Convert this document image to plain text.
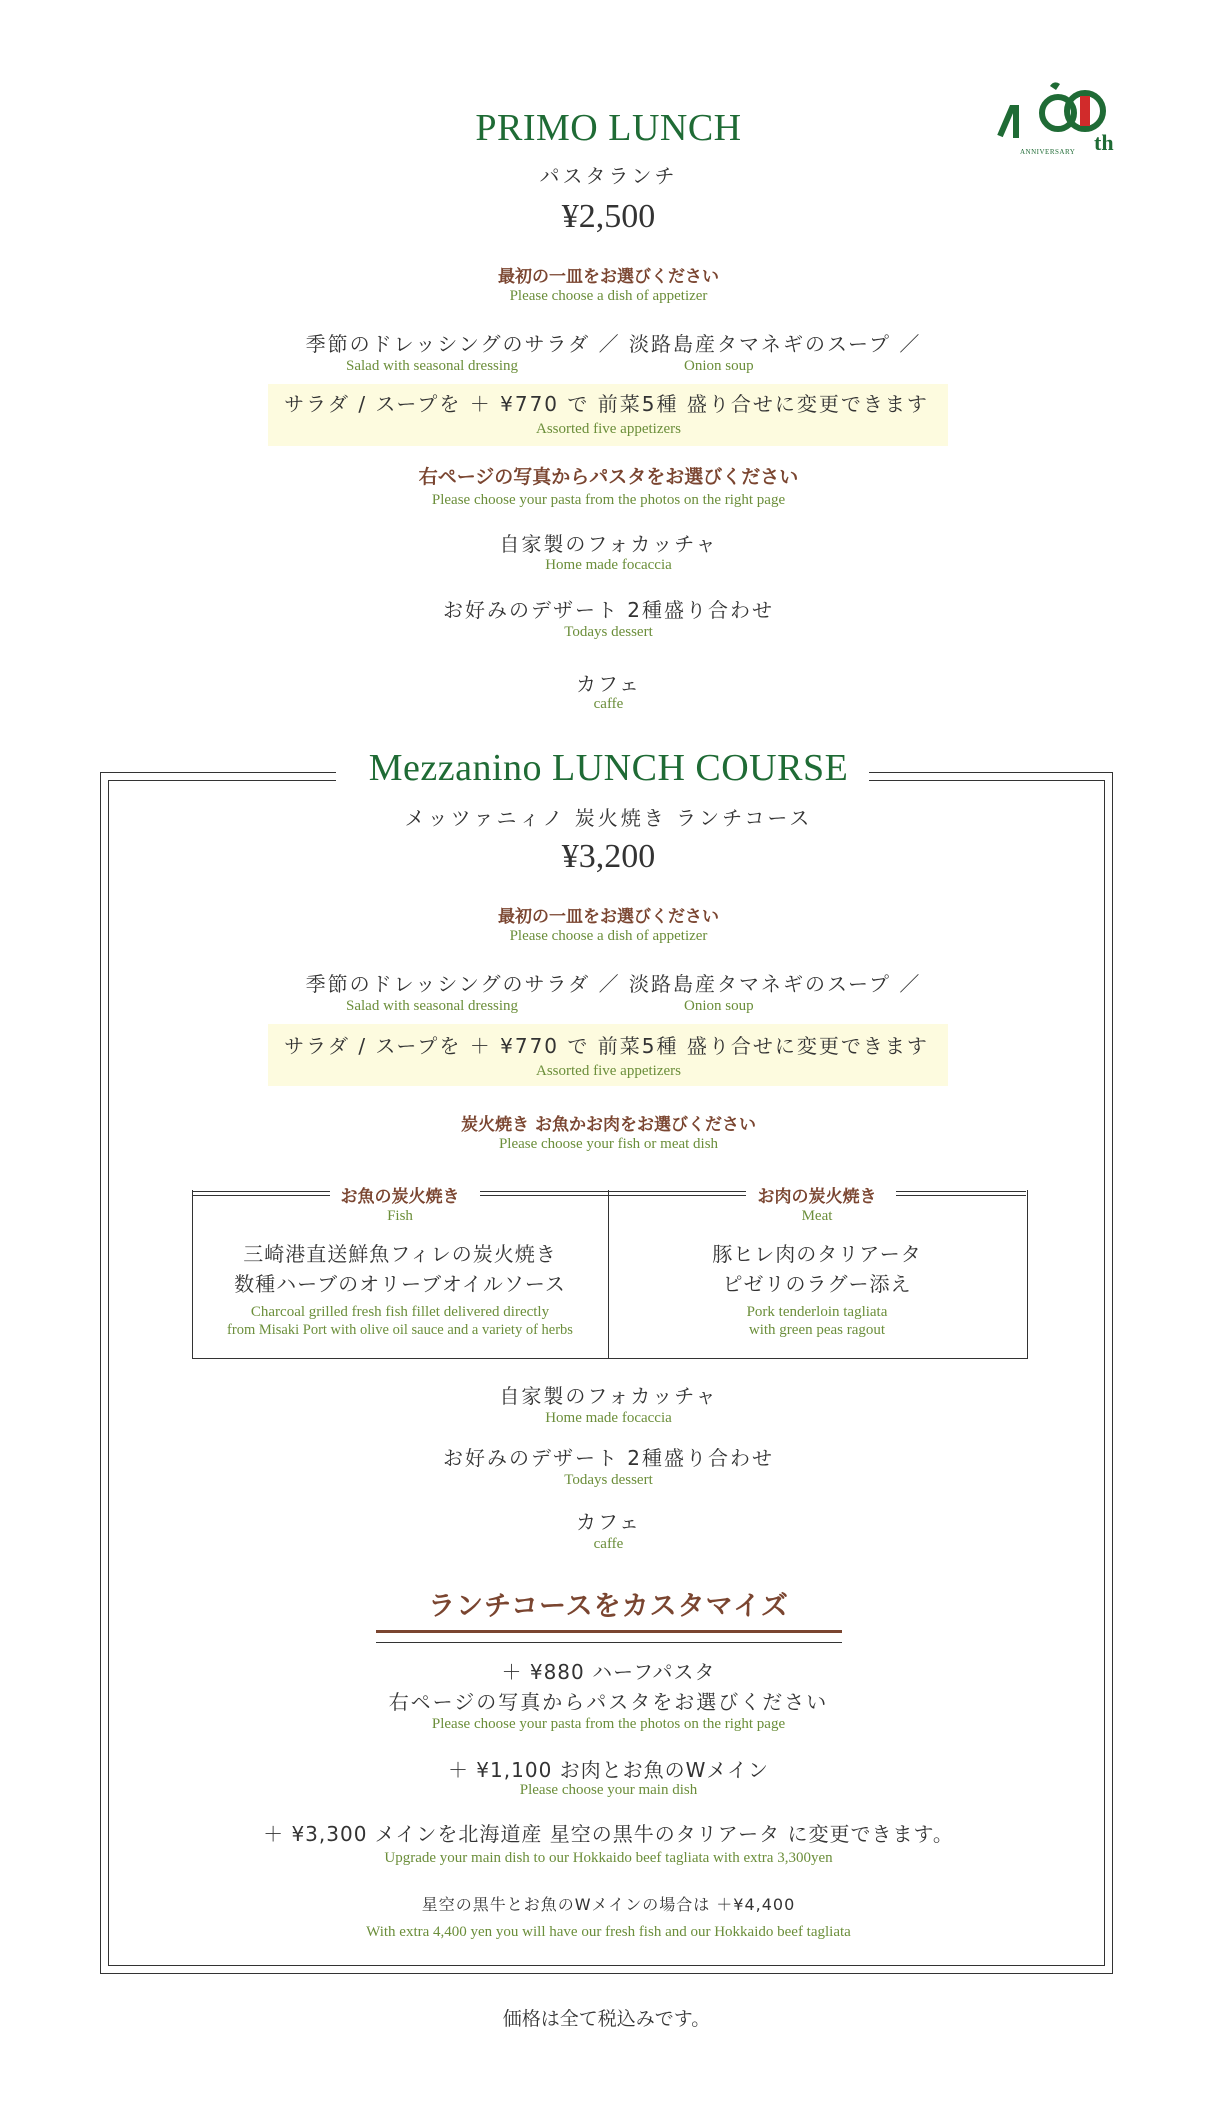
th
ANNIVERSARY
PRIMO LUNCH
パスタランチ
¥2,500
最初の一皿をお選びください
Please choose a dish of appetizer
季節のドレッシングのサラダ ／ 淡路島産タマネギのスープ ／
Salad with seasonal dressing	Onion soup
サラダ / スープを ＋ ¥770 で 前菜5種 盛り合せに変更できます
Assorted five appetizers
右ページの写真からパスタをお選びください
Please choose your pasta from the photos on the right page
自家製のフォカッチャ
Home made focaccia
お好みのデザート 2種盛り合わせ
Todays dessert
カフェ
caffe
Mezzanino LUNCH COURSE
メッツァニィノ 炭火焼き ランチコース
¥3,200
最初の一皿をお選びください
Please choose a dish of appetizer
季節のドレッシングのサラダ ／ 淡路島産タマネギのスープ ／
Salad with seasonal dressing	Onion soup
サラダ / スープを ＋ ¥770 で 前菜5種 盛り合せに変更できます
Assorted five appetizers
炭火焼き お魚かお肉をお選びください
Please choose your fish or meat dish
お魚の炭火焼き
Fish
三崎港直送鮮魚フィレの炭火焼き
数種ハーブのオリーブオイルソース
Charcoal grilled fresh fish fillet delivered directly
from Misaki Port with olive oil sauce and a variety of herbs
お肉の炭火焼き
Meat
豚ヒレ肉のタリアータ
ピゼリのラグー添え
Pork tenderloin tagliata
with green peas ragout
自家製のフォカッチャ
Home made focaccia
お好みのデザート 2種盛り合わせ
Todays dessert
カフェ
caffe
ランチコースをカスタマイズ
＋ ¥880 ハーフパスタ
右ページの写真からパスタをお選びください
Please choose your pasta from the photos on the right page
＋ ¥1,100 お肉とお魚のWメイン
Please choose your main dish
＋ ¥3,300 メインを北海道産 星空の黒牛のタリアータ に変更できます。
Upgrade your main dish to our Hokkaido beef tagliata with extra 3,300yen
星空の黒牛とお魚のWメインの場合は ＋¥4,400
With extra 4,400 yen you will have our fresh fish and our Hokkaido beef tagliata
価格は全て税込みです。
